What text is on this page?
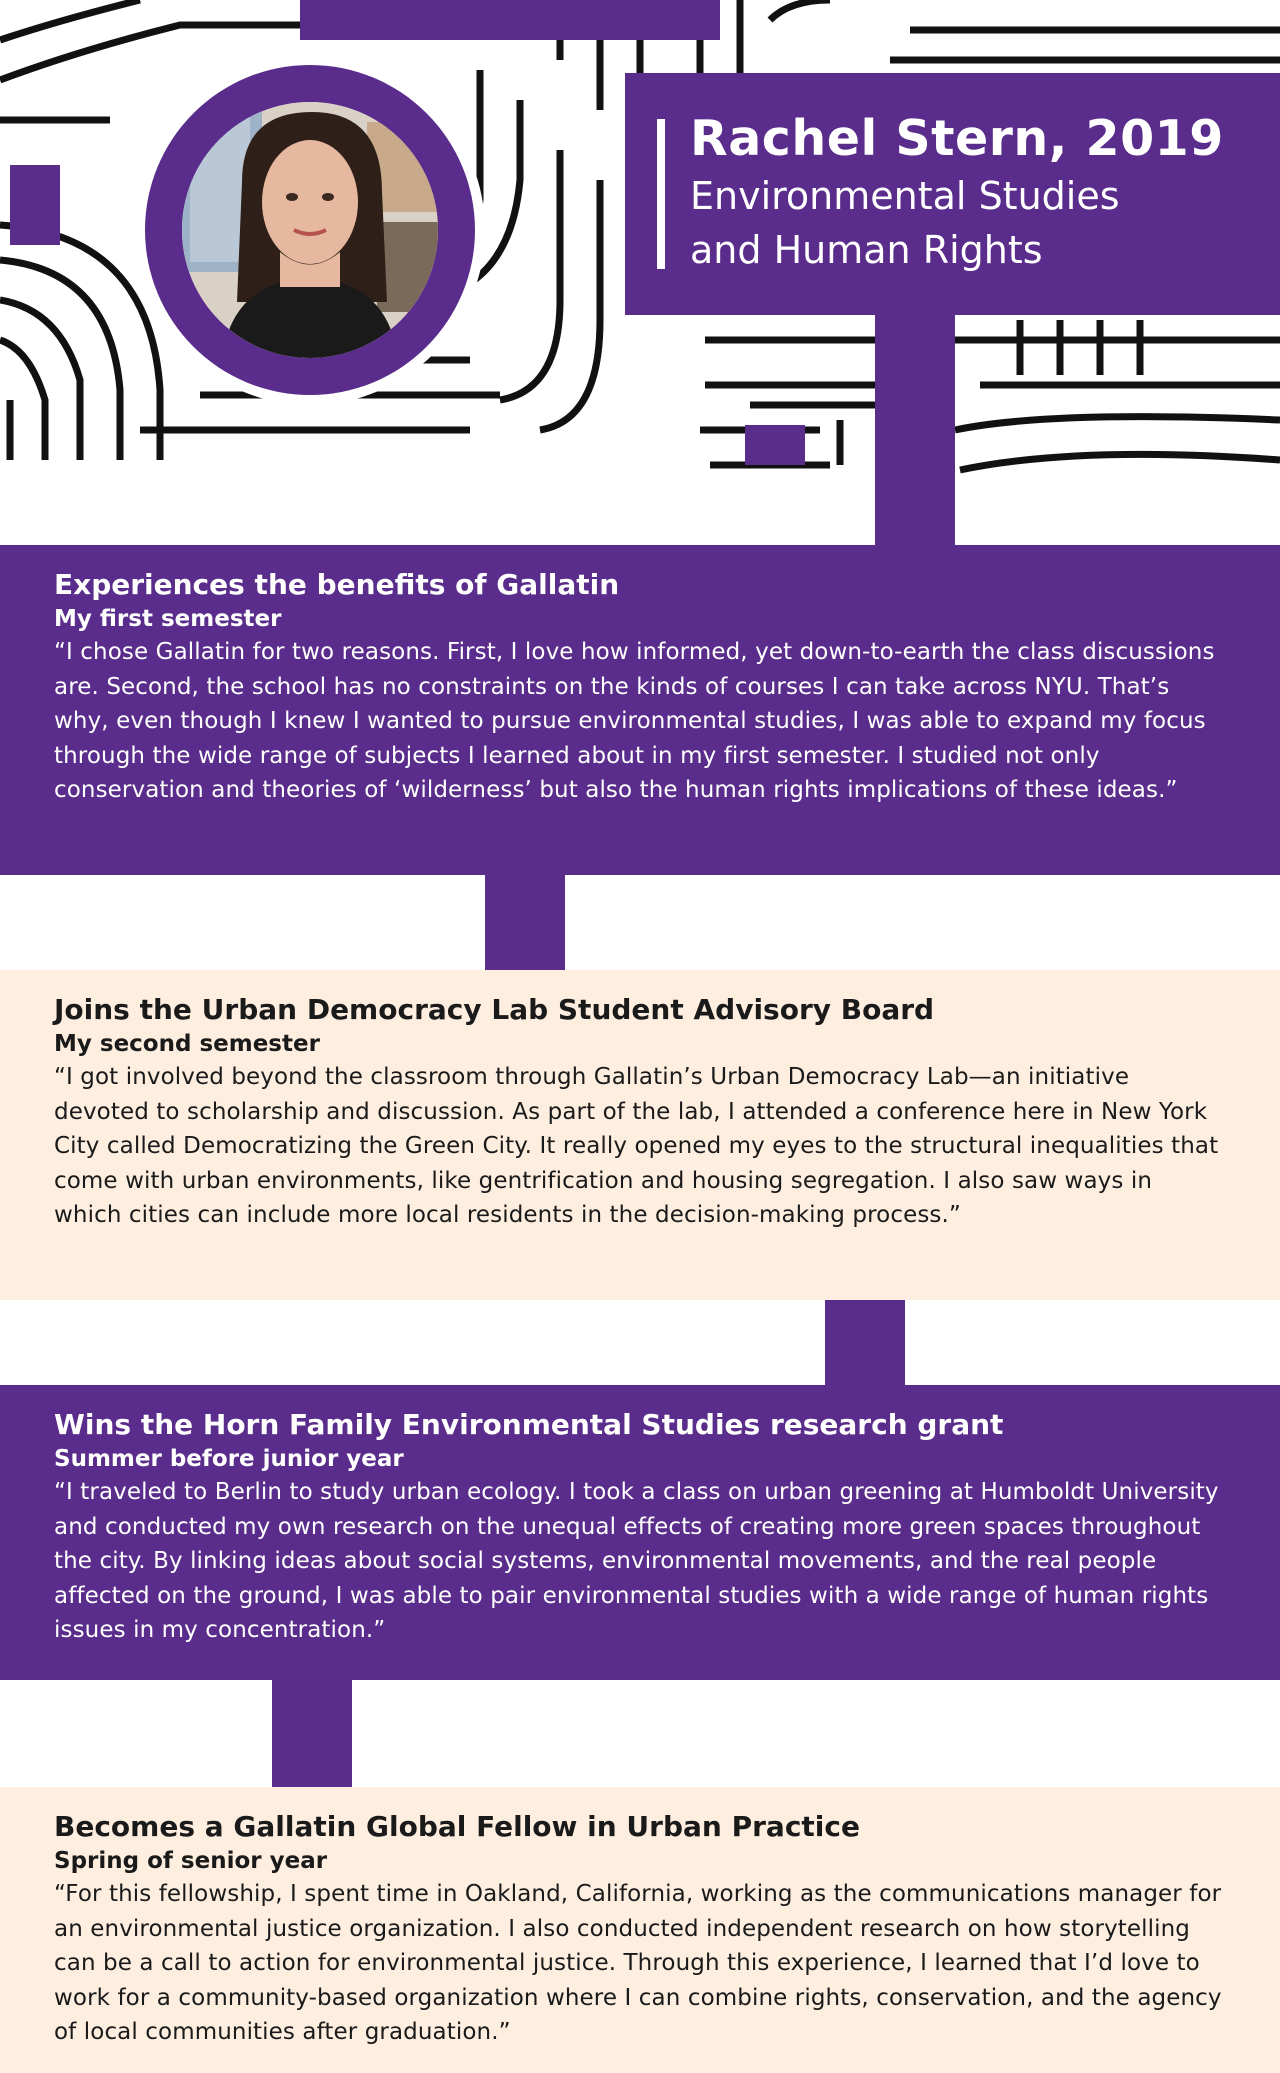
Rachel Stern, 2019
Environmental Studies
and Human Rights

Experiences the benefits of Gallatin

My first semester

“I chose Gallatin for two reasons. First, I love how informed, yet down-to-earth the class discussions are. Second, the school has no constraints on the kinds of courses I can take across NYU. That’s why, even though I knew I wanted to pursue environmental studies, I was able to expand my focus through the wide range of subjects I learned about in my first semester. I studied not only conservation and theories of ‘wilderness’ but also the human rights implications of these ideas.”

Joins the Urban Democracy Lab Student Advisory Board

My second semester

“I got involved beyond the classroom through Gallatin’s Urban Democracy Lab—an initiative devoted to scholarship and discussion. As part of the lab, I attended a conference here in New York City called Democratizing the Green City. It really opened my eyes to the structural inequalities that come with urban environments, like gentrification and housing segregation. I also saw ways in which cities can include more local residents in the decision-making process.”

Wins the Horn Family Environmental Studies research grant

Summer before junior year

“I traveled to Berlin to study urban ecology. I took a class on urban greening at Humboldt University and conducted my own research on the unequal effects of creating more green spaces throughout the city. By linking ideas about social systems, environmental movements, and the real people affected on the ground, I was able to pair environmental studies with a wide range of human rights issues in my concentration.”

Becomes a Gallatin Global Fellow in Urban Practice

Spring of senior year

“For this fellowship, I spent time in Oakland, California, working as the communications manager for an environmental justice organization. I also conducted independent research on how storytelling can be a call to action for environmental justice. Through this experience, I learned that I’d love to work for a community-based organization where I can combine rights, conservation, and the agency of local communities after graduation.”
